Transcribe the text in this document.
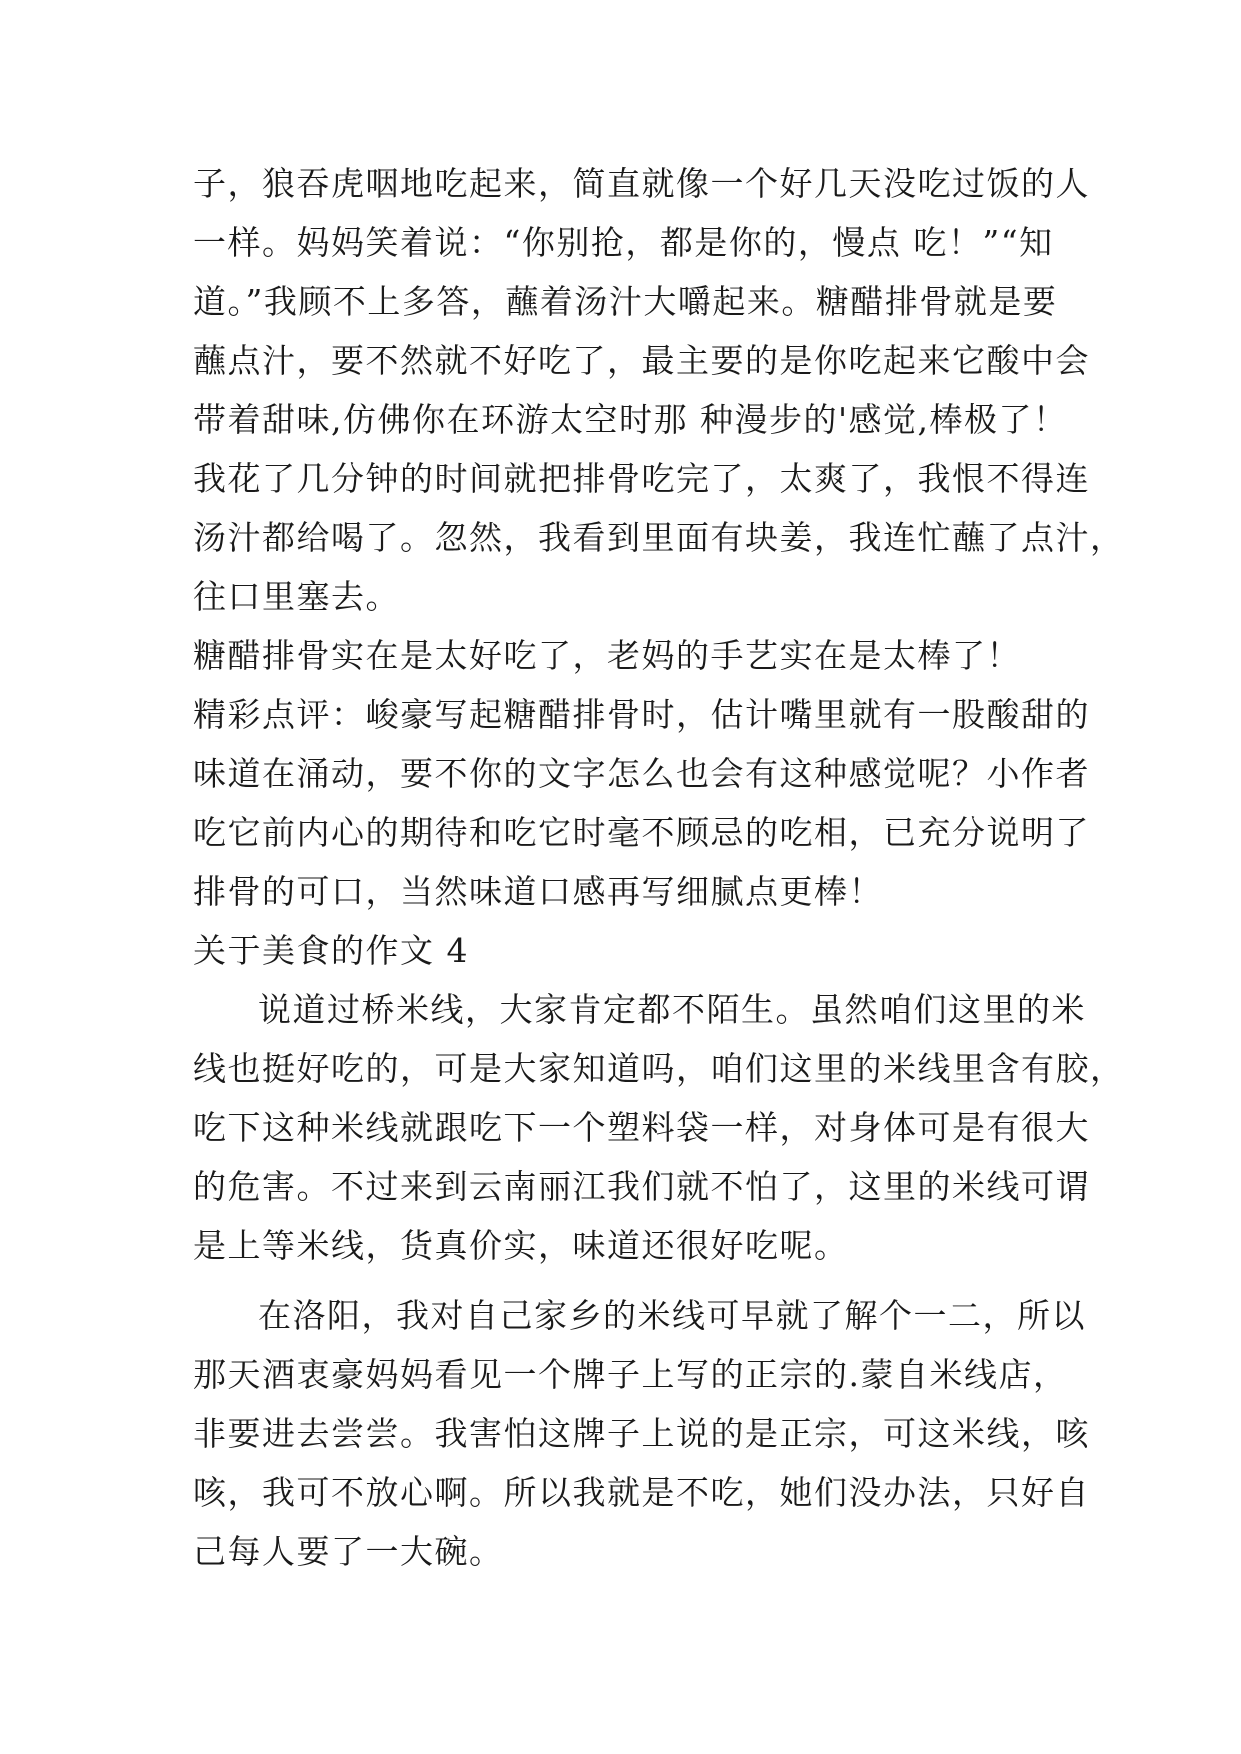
子，狼吞虎咽地吃起来，简直就像一个好几天没吃过饭的人
一样。妈妈笑着说：“你别抢，都是你的，慢点 吃！”“知
道。”我顾不上多答，蘸着汤汁大嚼起来。糖醋排骨就是要
蘸点汁，要不然就不好吃了，最主要的是你吃起来它酸中会
带着甜味,仿佛你在环游太空时那 种漫步的'感觉,棒极了！
我花了几分钟的时间就把排骨吃完了，太爽了，我恨不得连
汤汁都给喝了。忽然，我看到里面有块姜，我连忙蘸了点汁，
往口里塞去。
糖醋排骨实在是太好吃了，老妈的手艺实在是太棒了！
精彩点评：峻豪写起糖醋排骨时，估计嘴里就有一股酸甜的
味道在涌动，要不你的文字怎么也会有这种感觉呢？小作者
吃它前内心的期待和吃它时毫不顾忌的吃相，已充分说明了
排骨的可口，当然味道口感再写细腻点更棒！
关于美食的作文 4
说道过桥米线，大家肯定都不陌生。虽然咱们这里的米
线也挺好吃的，可是大家知道吗，咱们这里的米线里含有胶，
吃下这种米线就跟吃下一个塑料袋一样，对身体可是有很大
的危害。不过来到云南丽江我们就不怕了，这里的米线可谓
是上等米线，货真价实，味道还很好吃呢。
在洛阳，我对自己家乡的米线可早就了解个一二，所以
那天酒衷豪妈妈看见一个牌子上写的正宗的.蒙自米线店，
非要进去尝尝。我害怕这牌子上说的是正宗，可这米线，咳
咳，我可不放心啊。所以我就是不吃，她们没办法，只好自
己每人要了一大碗。
